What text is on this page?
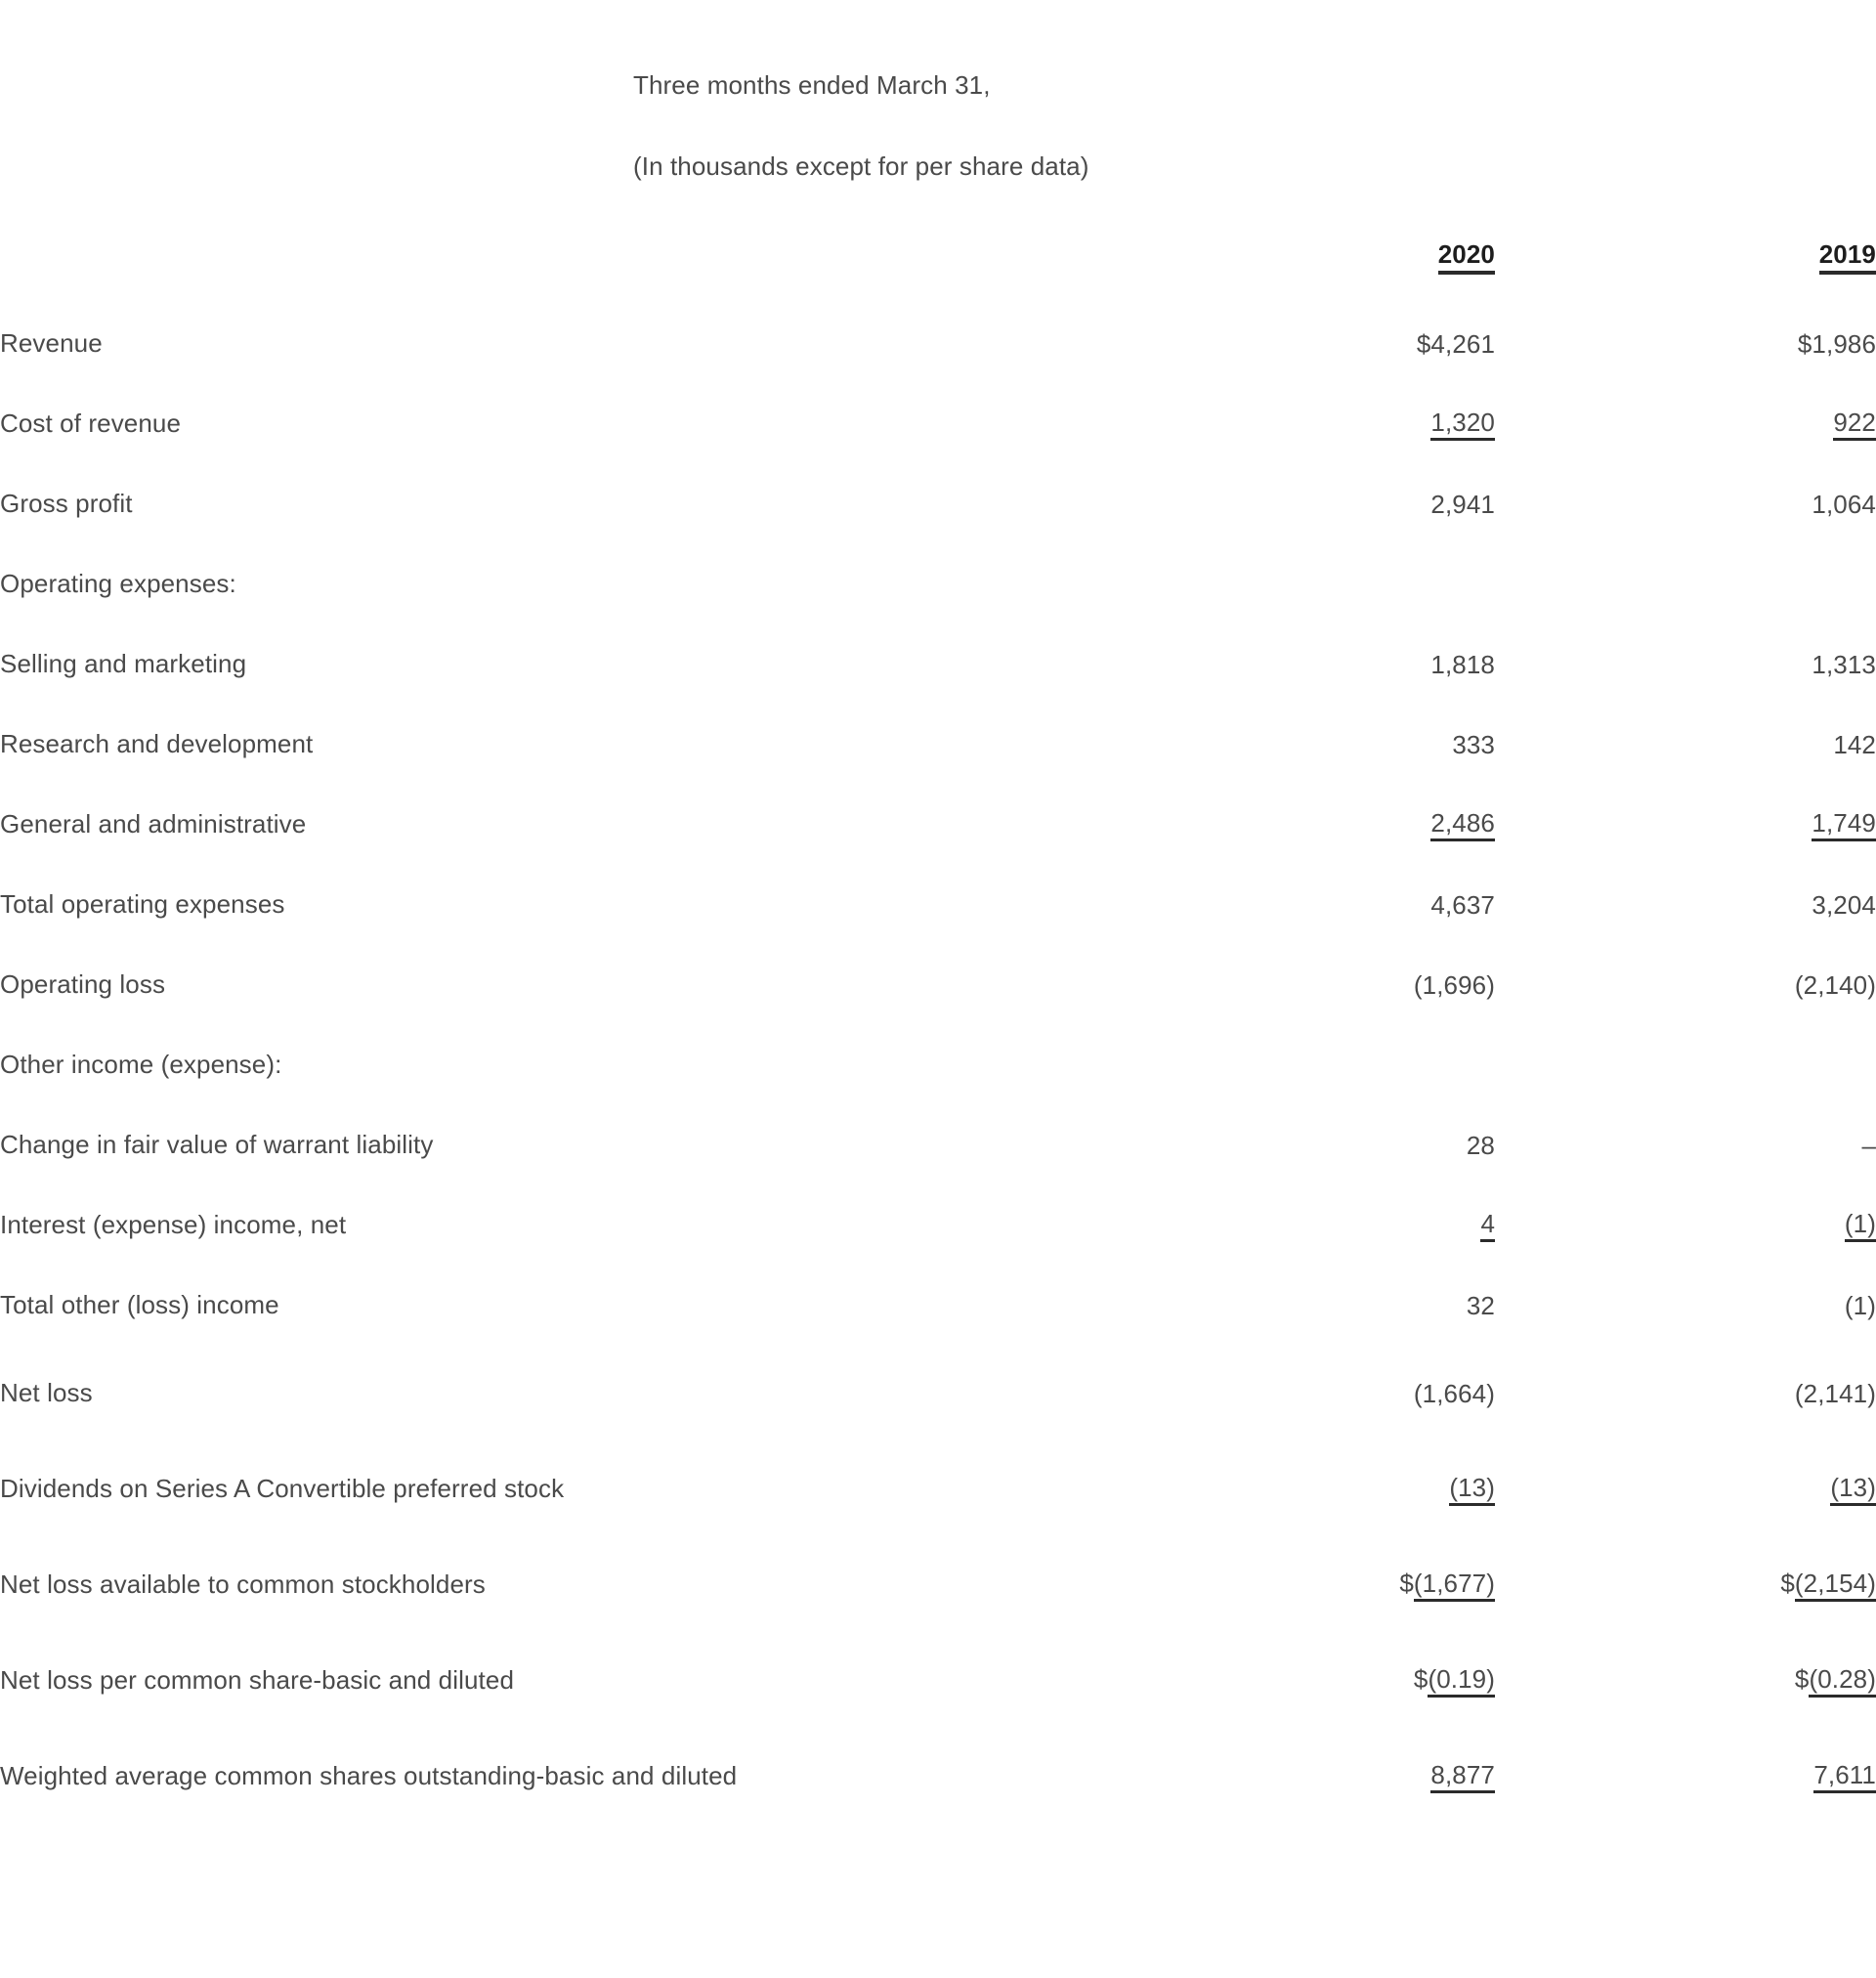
Three months ended March 31,
(In thousands except for per share data)
	2020	2019
Revenue	$4,261	$1,986
Cost of revenue	1,320	922
Gross profit	2,941	1,064
Operating expenses:		
Selling and marketing	1,818	1,313
Research and development	333	142
General and administrative	2,486	1,749
Total operating expenses	4,637	3,204
Operating loss	(1,696)	(2,140)
Other income (expense):		
Change in fair value of warrant liability	28	–
Interest (expense) income, net	4	(1)
Total other (loss) income	32	(1)
Net loss	(1,664)	(2,141)
Dividends on Series A Convertible preferred stock	(13)	(13)
Net loss available to common stockholders	$(1,677)	$(2,154)
Net loss per common share-basic and diluted	$(0.19)	$(0.28)
Weighted average common shares outstanding-basic and diluted	8,877	7,611
